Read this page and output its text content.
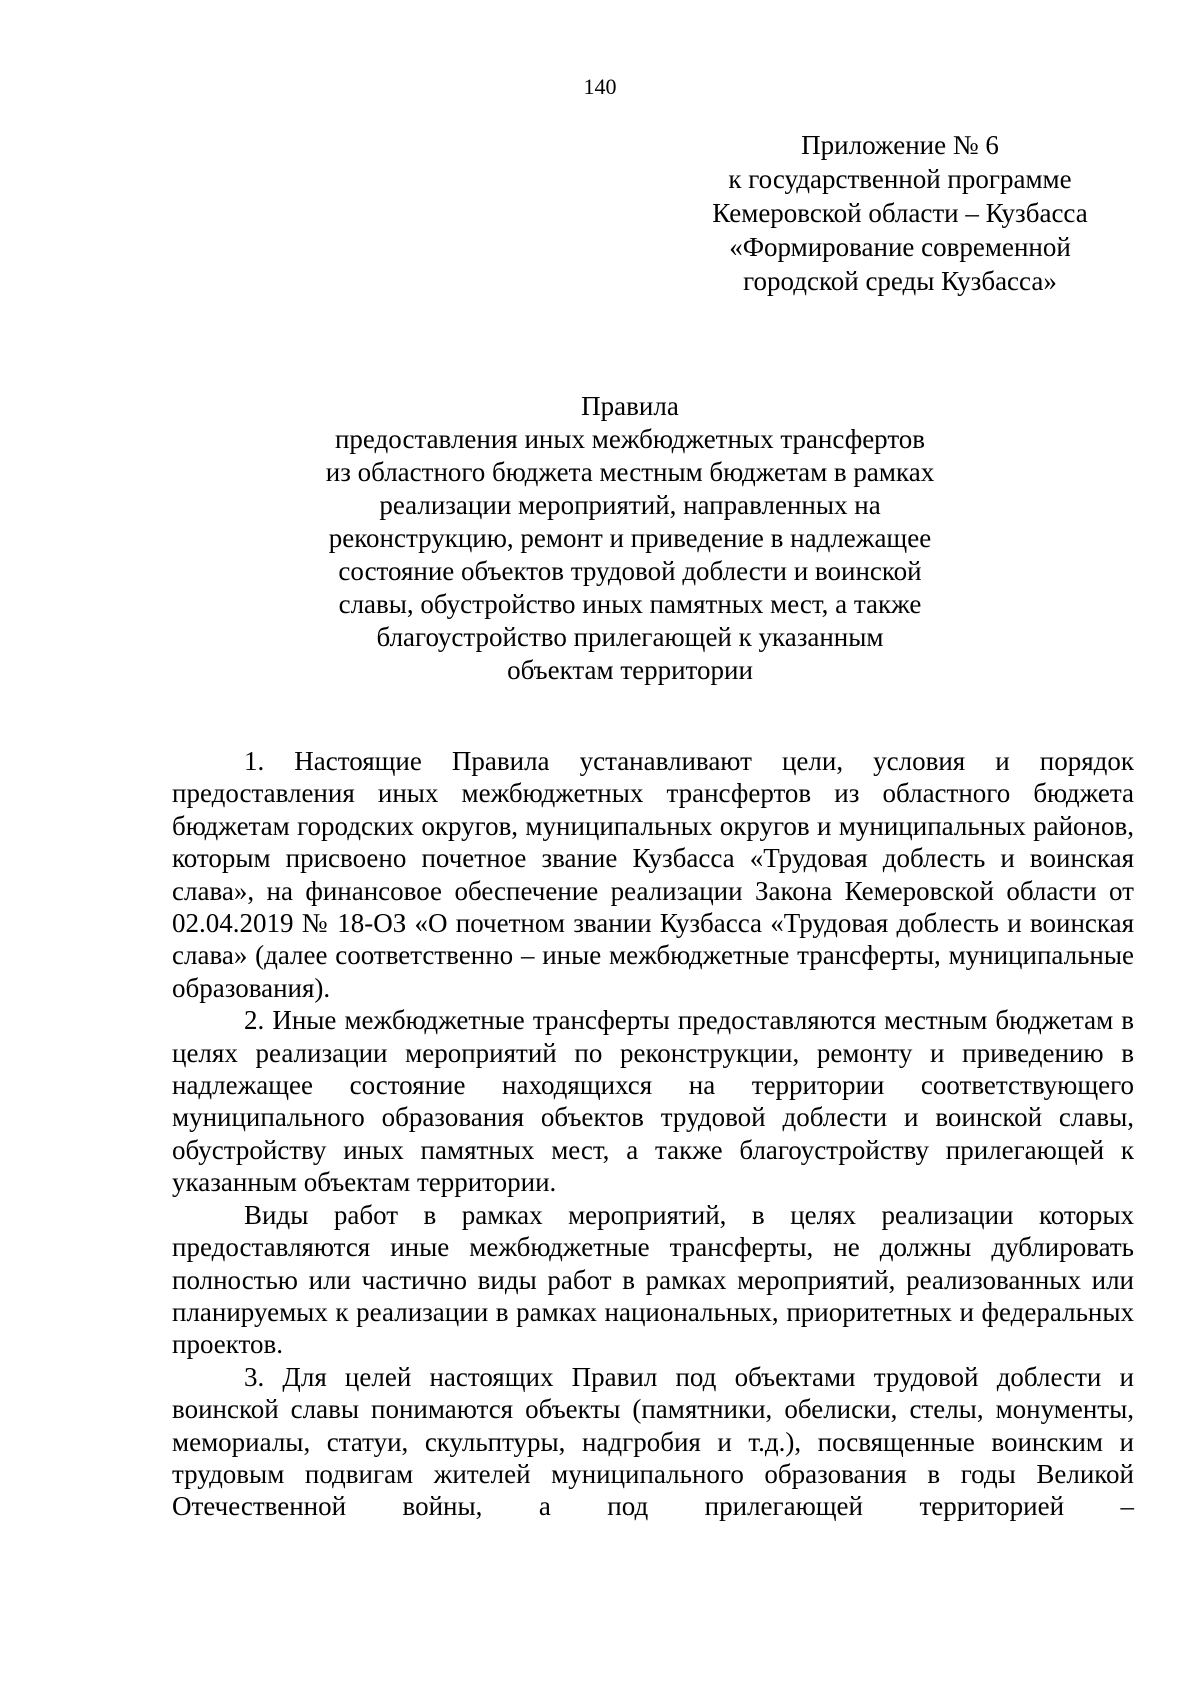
140
Приложение № 6
к государственной программе
Кемеровской области – Кузбасса
«Формирование современной
городской среды Кузбасса»
Правила
предоставления иных межбюджетных трансфертов
из областного бюджета местным бюджетам в рамках
реализации мероприятий, направленных на
реконструкцию, ремонт и приведение в надлежащее
состояние объектов трудовой доблести и воинской
славы, обустройство иных памятных мест, а также
благоустройство прилегающей к указанным
объектам территории

1. Настоящие Правила устанавливают цели, условия и порядок предоставления иных межбюджетных трансфертов из областного бюджета бюджетам городских округов, муниципальных округов и муниципальных районов, которым присвоено почетное звание Кузбасса «Трудовая доблесть и воинская слава», на финансовое обеспечение реализации Закона Кемеровской области от 02.04.2019 № 18-ОЗ «О почетном звании Кузбасса «Трудовая доблесть и воинская слава» (далее соответственно – иные межбюджетные трансферты, муниципальные образования).

2. Иные межбюджетные трансферты предоставляются местным бюджетам в целях реализации мероприятий по реконструкции, ремонту и приведению в надлежащее состояние находящихся на территории соответствующего муниципального образования объектов трудовой доблести и воинской славы, обустройству иных памятных мест, а также благоустройству прилегающей к указанным объектам территории.

Виды работ в рамках мероприятий, в целях реализации которых предоставляются иные межбюджетные трансферты, не должны дублировать полностью или частично виды работ в рамках мероприятий, реализованных или планируемых к реализации в рамках национальных, приоритетных и федеральных проектов.

3. Для целей настоящих Правил под объектами трудовой доблести и воинской славы понимаются объекты (памятники, обелиски, стелы, монументы, мемориалы, статуи, скульптуры, надгробия и т.д.), посвященные воинским и трудовым подвигам жителей муниципального образования в годы Великой Отечественной войны, а под прилегающей территорией –
